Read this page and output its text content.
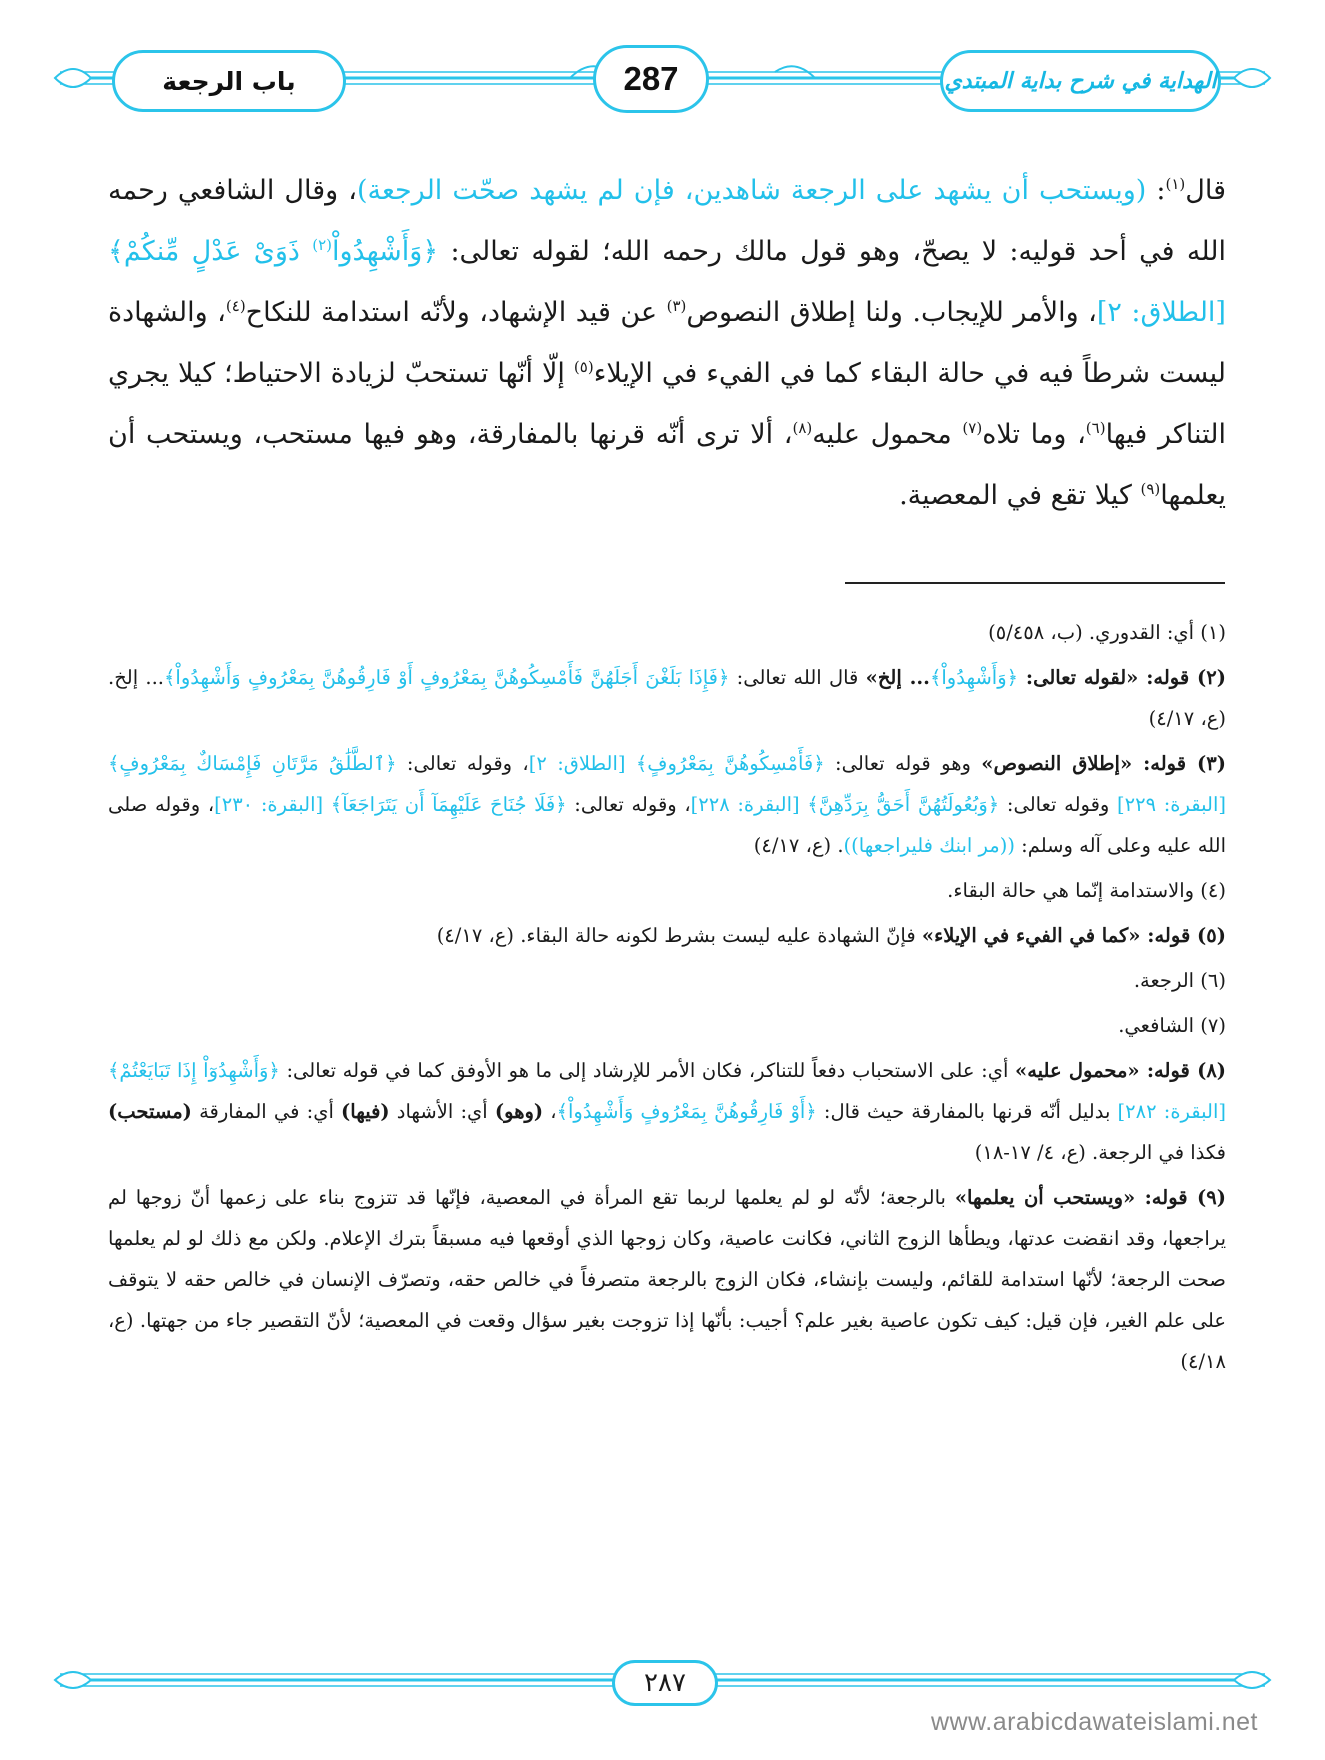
باب الرجعة	287	الهداية في شرح بداية المبتدي
قال$^{(١)}$: (ويستحب أن يشهد على الرجعة شاهدين، فإن لم يشهد صحّت الرجعة)، وقال الشافعي رحمه الله في أحد قوليه: لا يصحّ، وهو قول مالك رحمه الله؛ لقوله تعالى: ﴿وَأَشْهِدُواْ$^{(٢)}$ ذَوَىْ عَدْلٍ مِّنكُمْ﴾ [الطلاق: ٢]، والأمر للإيجاب. ولنا إطلاق النصوص$^{(٣)}$ عن قيد الإشهاد، ولأنّه استدامة للنكاح$^{(٤)}$، والشهادة ليست شرطاً فيه في حالة البقاء كما في الفيء في الإيلاء$^{(٥)}$ إلّا أنّها تستحبّ لزيادة الاحتياط؛ كيلا يجري التناكر فيها$^{(٦)}$، وما تلاه$^{(٧)}$ محمول عليه$^{(٨)}$، ألا ترى أنّه قرنها بالمفارقة، وهو فيها مستحب، ويستحب أن يعلمها$^{(٩)}$ كيلا تقع في المعصية.

(١) أي: القدوري. (ب، ٥/٤٥٨)

(٢) قوله: «لقوله تعالى: ﴿وَأَشْهِدُواْ﴾... إلخ» قال الله تعالى: ﴿فَإِذَا بَلَغْنَ أَجَلَهُنَّ فَأَمْسِكُوهُنَّ بِمَعْرُوفٍ أَوْ فَارِقُوهُنَّ بِمَعْرُوفٍ وَأَشْهِدُواْ﴾... إلخ. (ع، ٤/١٧)

(٣) قوله: «إطلاق النصوص» وهو قوله تعالى: ﴿فَأَمْسِكُوهُنَّ بِمَعْرُوفٍ﴾ [الطلاق: ٢]، وقوله تعالى: ﴿ٱلطَّلَٰقُ مَرَّتَانِ فَإِمْسَاكٌ بِمَعْرُوفٍ﴾ [البقرة: ٢٢٩] وقوله تعالى: ﴿وَبُعُولَتُهُنَّ أَحَقُّ بِرَدِّهِنَّ﴾ [البقرة: ٢٢٨]، وقوله تعالى: ﴿فَلَا جُنَاحَ عَلَيْهِمَآ أَن يَتَرَاجَعَآ﴾ [البقرة: ٢٣٠]، وقوله صلى الله عليه وعلى آله وسلم: ((مر ابنك فليراجعها)). (ع، ٤/١٧)

(٤) والاستدامة إنّما هي حالة البقاء.

(٥) قوله: «كما في الفيء في الإيلاء» فإنّ الشهادة عليه ليست بشرط لكونه حالة البقاء. (ع، ٤/١٧)

(٦) الرجعة.

(٧) الشافعي.

(٨) قوله: «محمول عليه» أي: على الاستحباب دفعاً للتناكر، فكان الأمر للإرشاد إلى ما هو الأوفق كما في قوله تعالى: ﴿وَأَشْهِدُوٓاْ إِذَا تَبَايَعْتُمْ﴾ [البقرة: ٢٨٢] بدليل أنّه قرنها بالمفارقة حيث قال: ﴿أَوْ فَارِقُوهُنَّ بِمَعْرُوفٍ وَأَشْهِدُواْ﴾، (وهو) أي: الأشهاد (فيها) أي: في المفارقة (مستحب) فكذا في الرجعة. (ع، ٤/ ١٧-١٨)

(٩) قوله: «ويستحب أن يعلمها» بالرجعة؛ لأنّه لو لم يعلمها لربما تقع المرأة في المعصية، فإنّها قد تتزوج بناء على زعمها أنّ زوجها لم يراجعها، وقد انقضت عدتها، ويطأها الزوج الثاني، فكانت عاصية، وكان زوجها الذي أوقعها فيه مسبقاً بترك الإعلام. ولكن مع ذلك لو لم يعلمها صحت الرجعة؛ لأنّها استدامة للقائم، وليست بإنشاء، فكان الزوج بالرجعة متصرفاً في خالص حقه، وتصرّف الإنسان في خالص حقه لا يتوقف على علم الغير، فإن قيل: كيف تكون عاصية بغير علم؟ أجيب: بأنّها إذا تزوجت بغير سؤال وقعت في المعصية؛ لأنّ التقصير جاء من جهتها. (ع، ٤/١٨)

٢٨٧
www.arabicdawateislami.net
